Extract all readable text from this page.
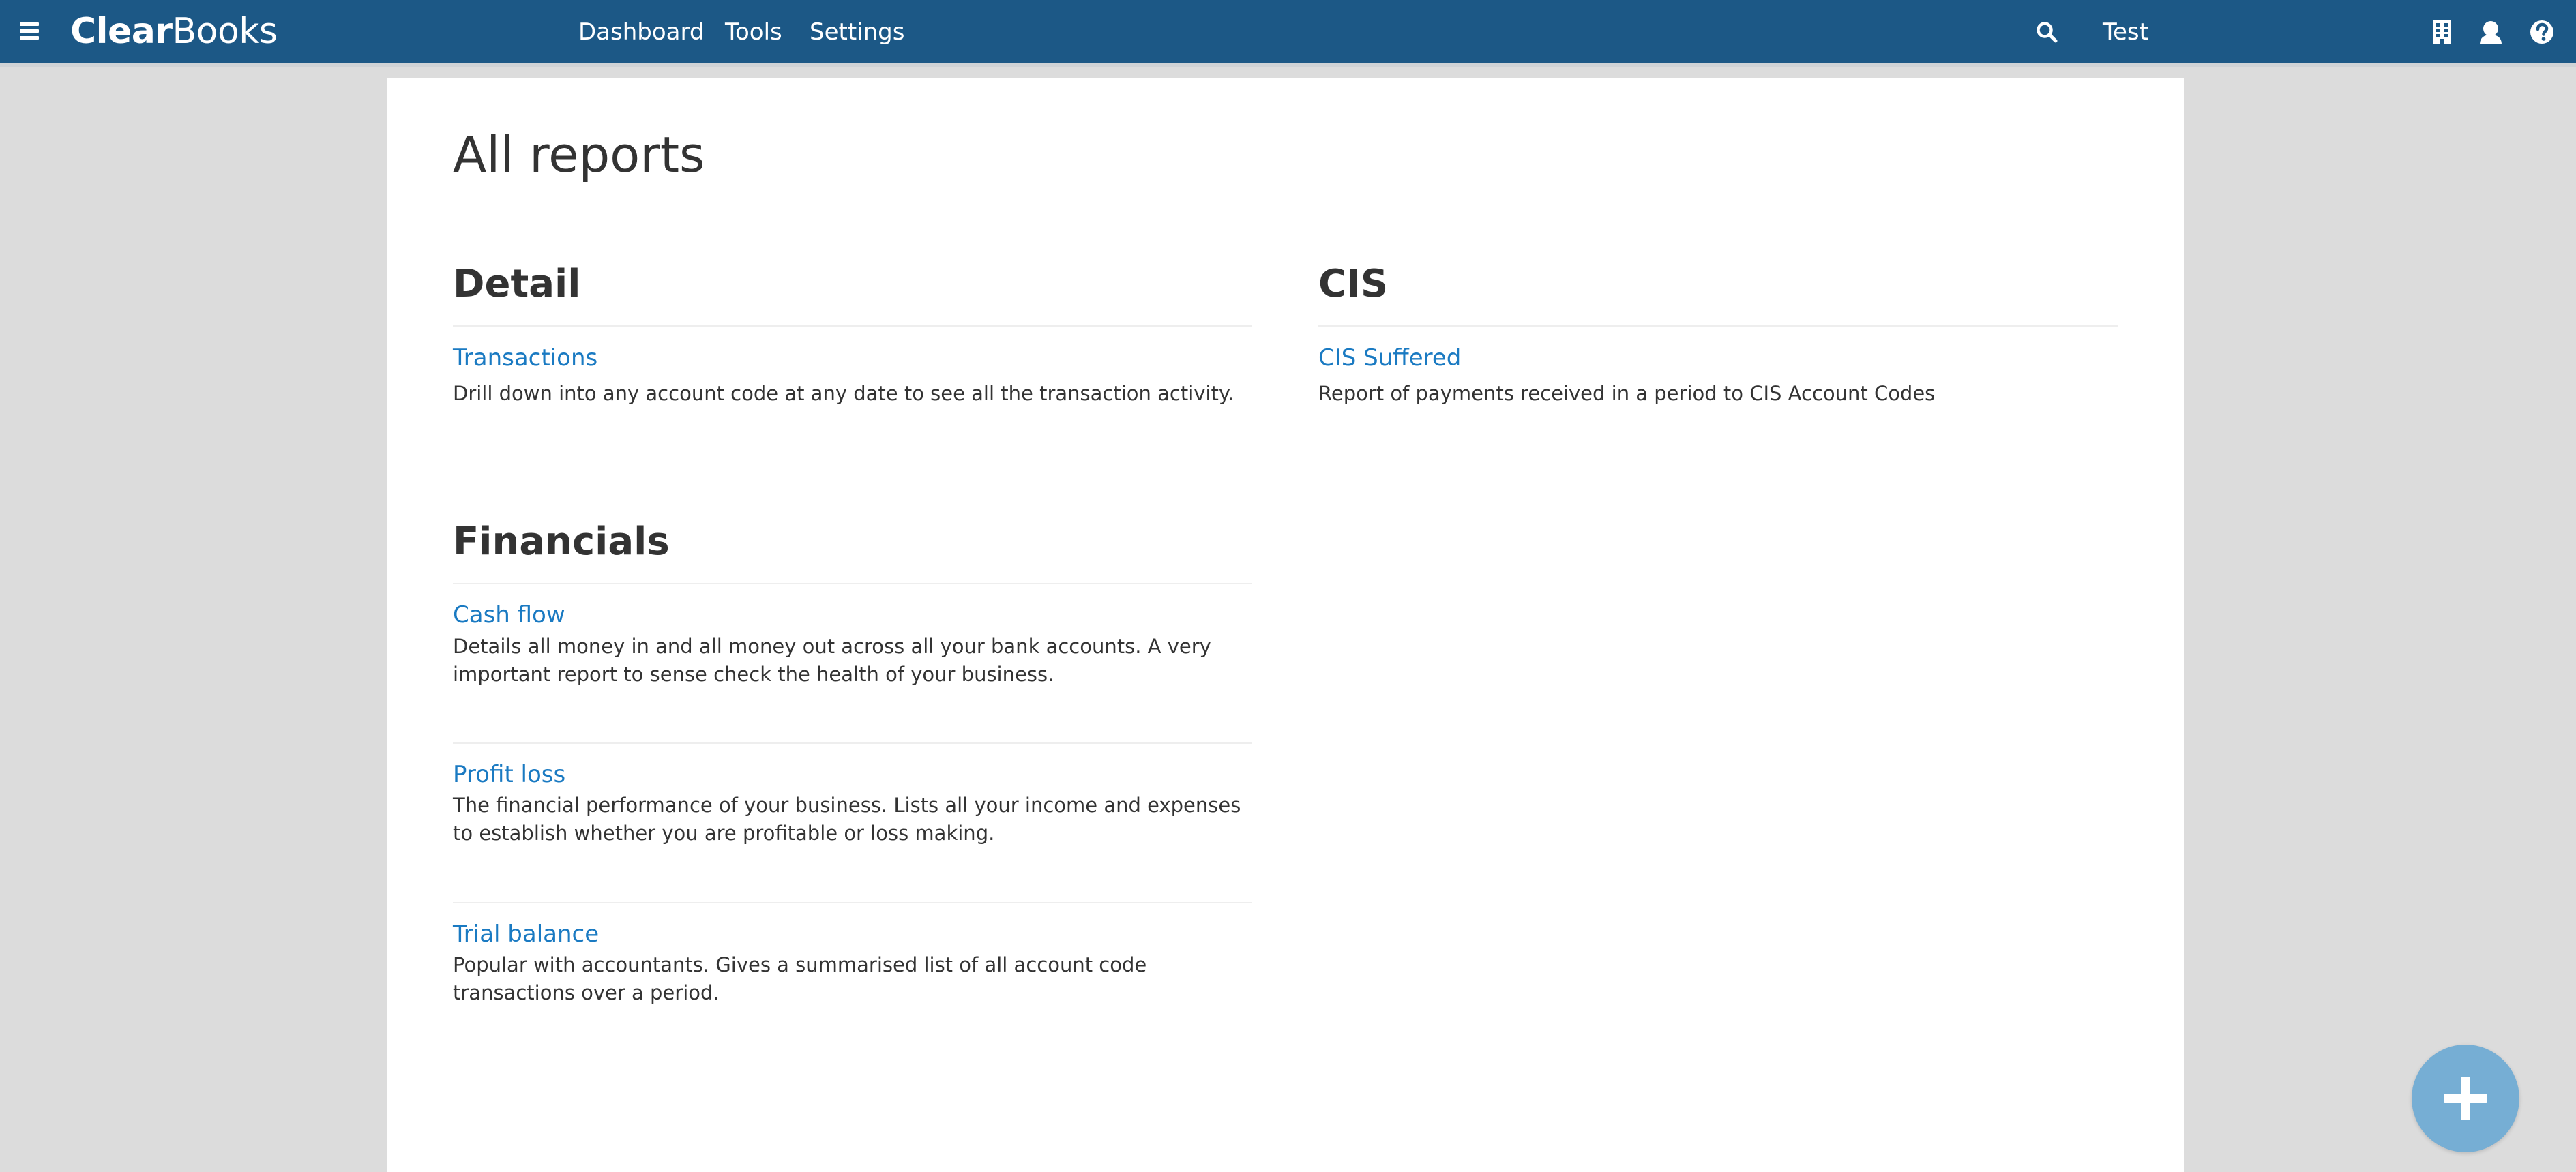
ClearBooks	Dashboard Tools Settings	Test
All reports
Detail
Transactions
Drill down into any account code at any date to see all the transaction activity.
CIS
CIS Suffered
Report of payments received in a period to CIS Account Codes
Financials
Cash flow
Details all money in and all money out across all your bank accounts. A very important report to sense check the health of your business.
Profit loss
The financial performance of your business. Lists all your income and expenses to establish whether you are profitable or loss making.
Trial balance
Popular with accountants. Gives a summarised list of all account code transactions over a period.
